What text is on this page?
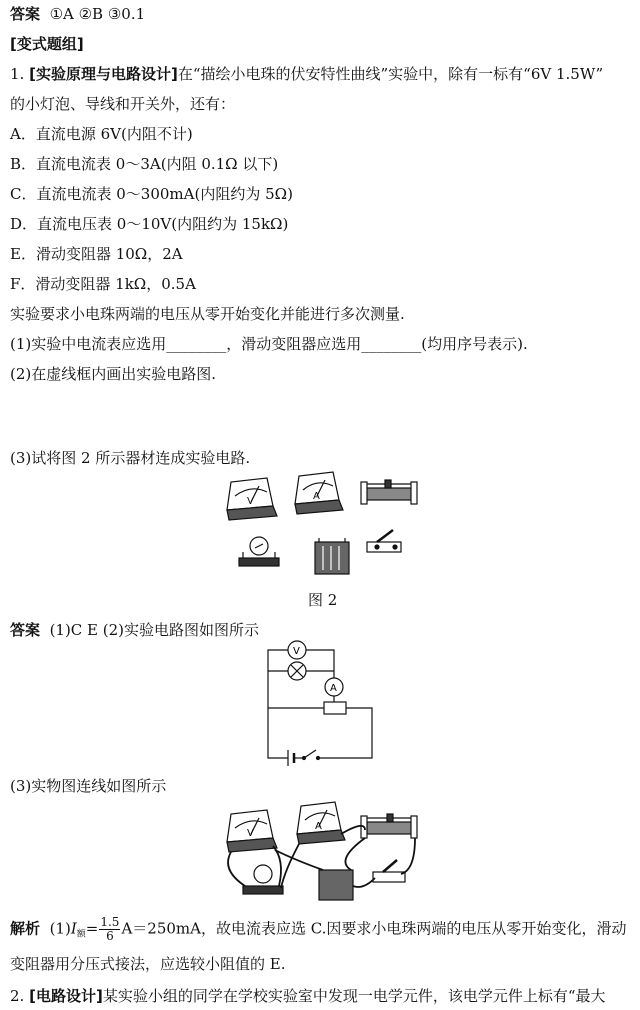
答案 ①A ②B ③0.1
[变式题组]
1. [实验原理与电路设计]在“描绘小电珠的伏安特性曲线”实验中，除有一标有“6V 1.5W”
的小灯泡、导线和开关外，还有：
A．直流电源 6V(内阻不计)
B．直流电流表 0～3A(内阻 0.1Ω 以下)
C．直流电流表 0～300mA(内阻约为 5Ω)
D．直流电压表 0～10V(内阻约为 15kΩ)
E．滑动变阻器 10Ω，2A
F．滑动变阻器 1kΩ，0.5A
实验要求小电珠两端的电压从零开始变化并能进行多次测量.
(1)实验中电流表应选用________，滑动变阻器应选用________(均用序号表示).
(2)在虚线框内画出实验电路图.
(3)试将图 2 所示器材连成实验电路.
V	A
图 2
答案 (1)C E (2)实验电路图如图所示
V
A
(3)实物图连线如图所示
V
A
解析 $(1)I_额= \frac{1.5}{6} A=250mA$，故电流表应选 C.因要求小电珠两端的电压从零开始变化，滑动
变阻器用分压式接法，应选较小阻值的 E.
2. [电路设计]某实验小组的同学在学校实验室中发现一电学元件，该电学元件上标有“最大
